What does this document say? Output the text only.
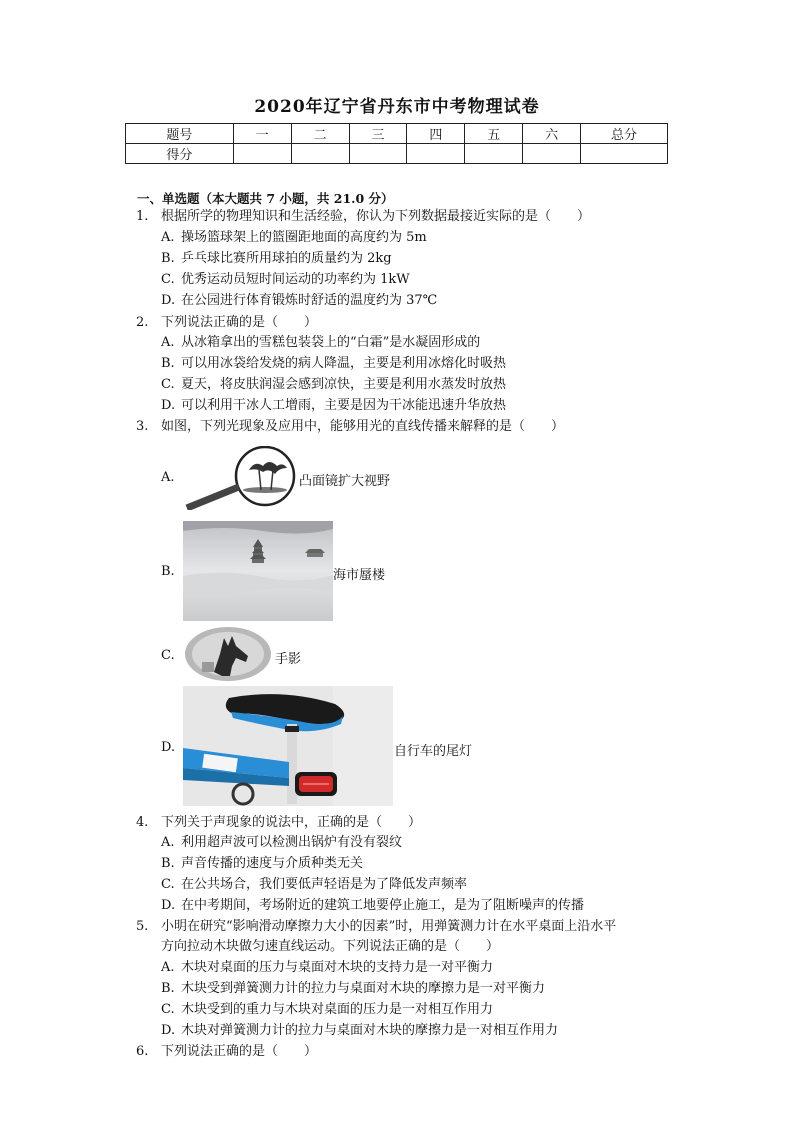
2020年辽宁省丹东市中考物理试卷
题号	一	二	三	四	五	六	总分
得分							
一、单选题（本大题共 7 小题，共 21.0 分）
1. 根据所学的物理知识和生活经验，你认为下列数据最接近实际的是（　　）
A. 操场篮球架上的篮圈距地面的高度约为 5m
B. 乒乓球比赛所用球拍的质量约为 2kg
C. 优秀运动员短时间运动的功率约为 1kW
D. 在公园进行体育锻炼时舒适的温度约为 37℃
2. 下列说法正确的是（　　）
A. 从冰箱拿出的雪糕包装袋上的“白霜”是水凝固形成的
B. 可以用冰袋给发烧的病人降温，主要是利用冰熔化时吸热
C. 夏天，将皮肤润湿会感到凉快，主要是利用水蒸发时放热
D. 可以利用干冰人工增雨，主要是因为干冰能迅速升华放热
3. 如图，下列光现象及应用中，能够用光的直线传播来解释的是（　　）
A.	凸面镜扩大视野
B.	海市蜃楼
C.	手影
D.	自行车的尾灯
4. 下列关于声现象的说法中，正确的是（　　）
A. 利用超声波可以检测出锅炉有没有裂纹
B. 声音传播的速度与介质种类无关
C. 在公共场合，我们要低声轻语是为了降低发声频率
D. 在中考期间，考场附近的建筑工地要停止施工，是为了阻断噪声的传播
5. 小明在研究“影响滑动摩擦力大小的因素”时，用弹簧测力计在水平桌面上沿水平
方向拉动木块做匀速直线运动。下列说法正确的是（　　）
A. 木块对桌面的压力与桌面对木块的支持力是一对平衡力
B. 木块受到弹簧测力计的拉力与桌面对木块的摩擦力是一对平衡力
C. 木块受到的重力与木块对桌面的压力是一对相互作用力
D. 木块对弹簧测力计的拉力与桌面对木块的摩擦力是一对相互作用力
6. 下列说法正确的是（　　）
